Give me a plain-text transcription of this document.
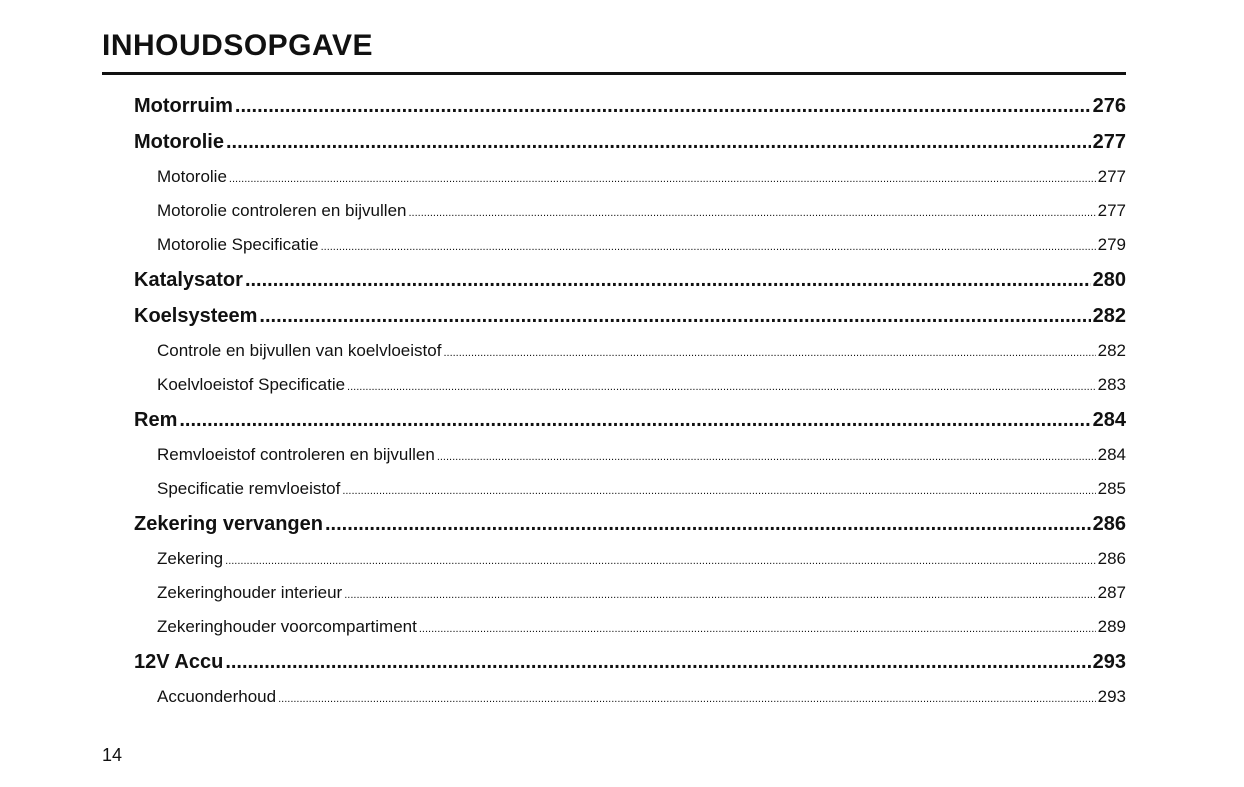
INHOUDSOPGAVE
Motorruim .....	276
Motorolie .....	277
Motorolie .....	277
Motorolie controleren en bijvullen .....	277
Motorolie Specificatie .....	279
Katalysator .....	280
Koelsysteem .....	282
Controle en bijvullen van koelvloeistof .....	282
Koelvloeistof Specificatie .....	283
Rem .....	284
Remvloeistof controleren en bijvullen .....	284
Specificatie remvloeistof .....	285
Zekering vervangen .....	286
Zekering .....	286
Zekeringhouder interieur .....	287
Zekeringhouder voorcompartiment .....	289
12V Accu .....	293
Accuonderhoud .....	293
14
